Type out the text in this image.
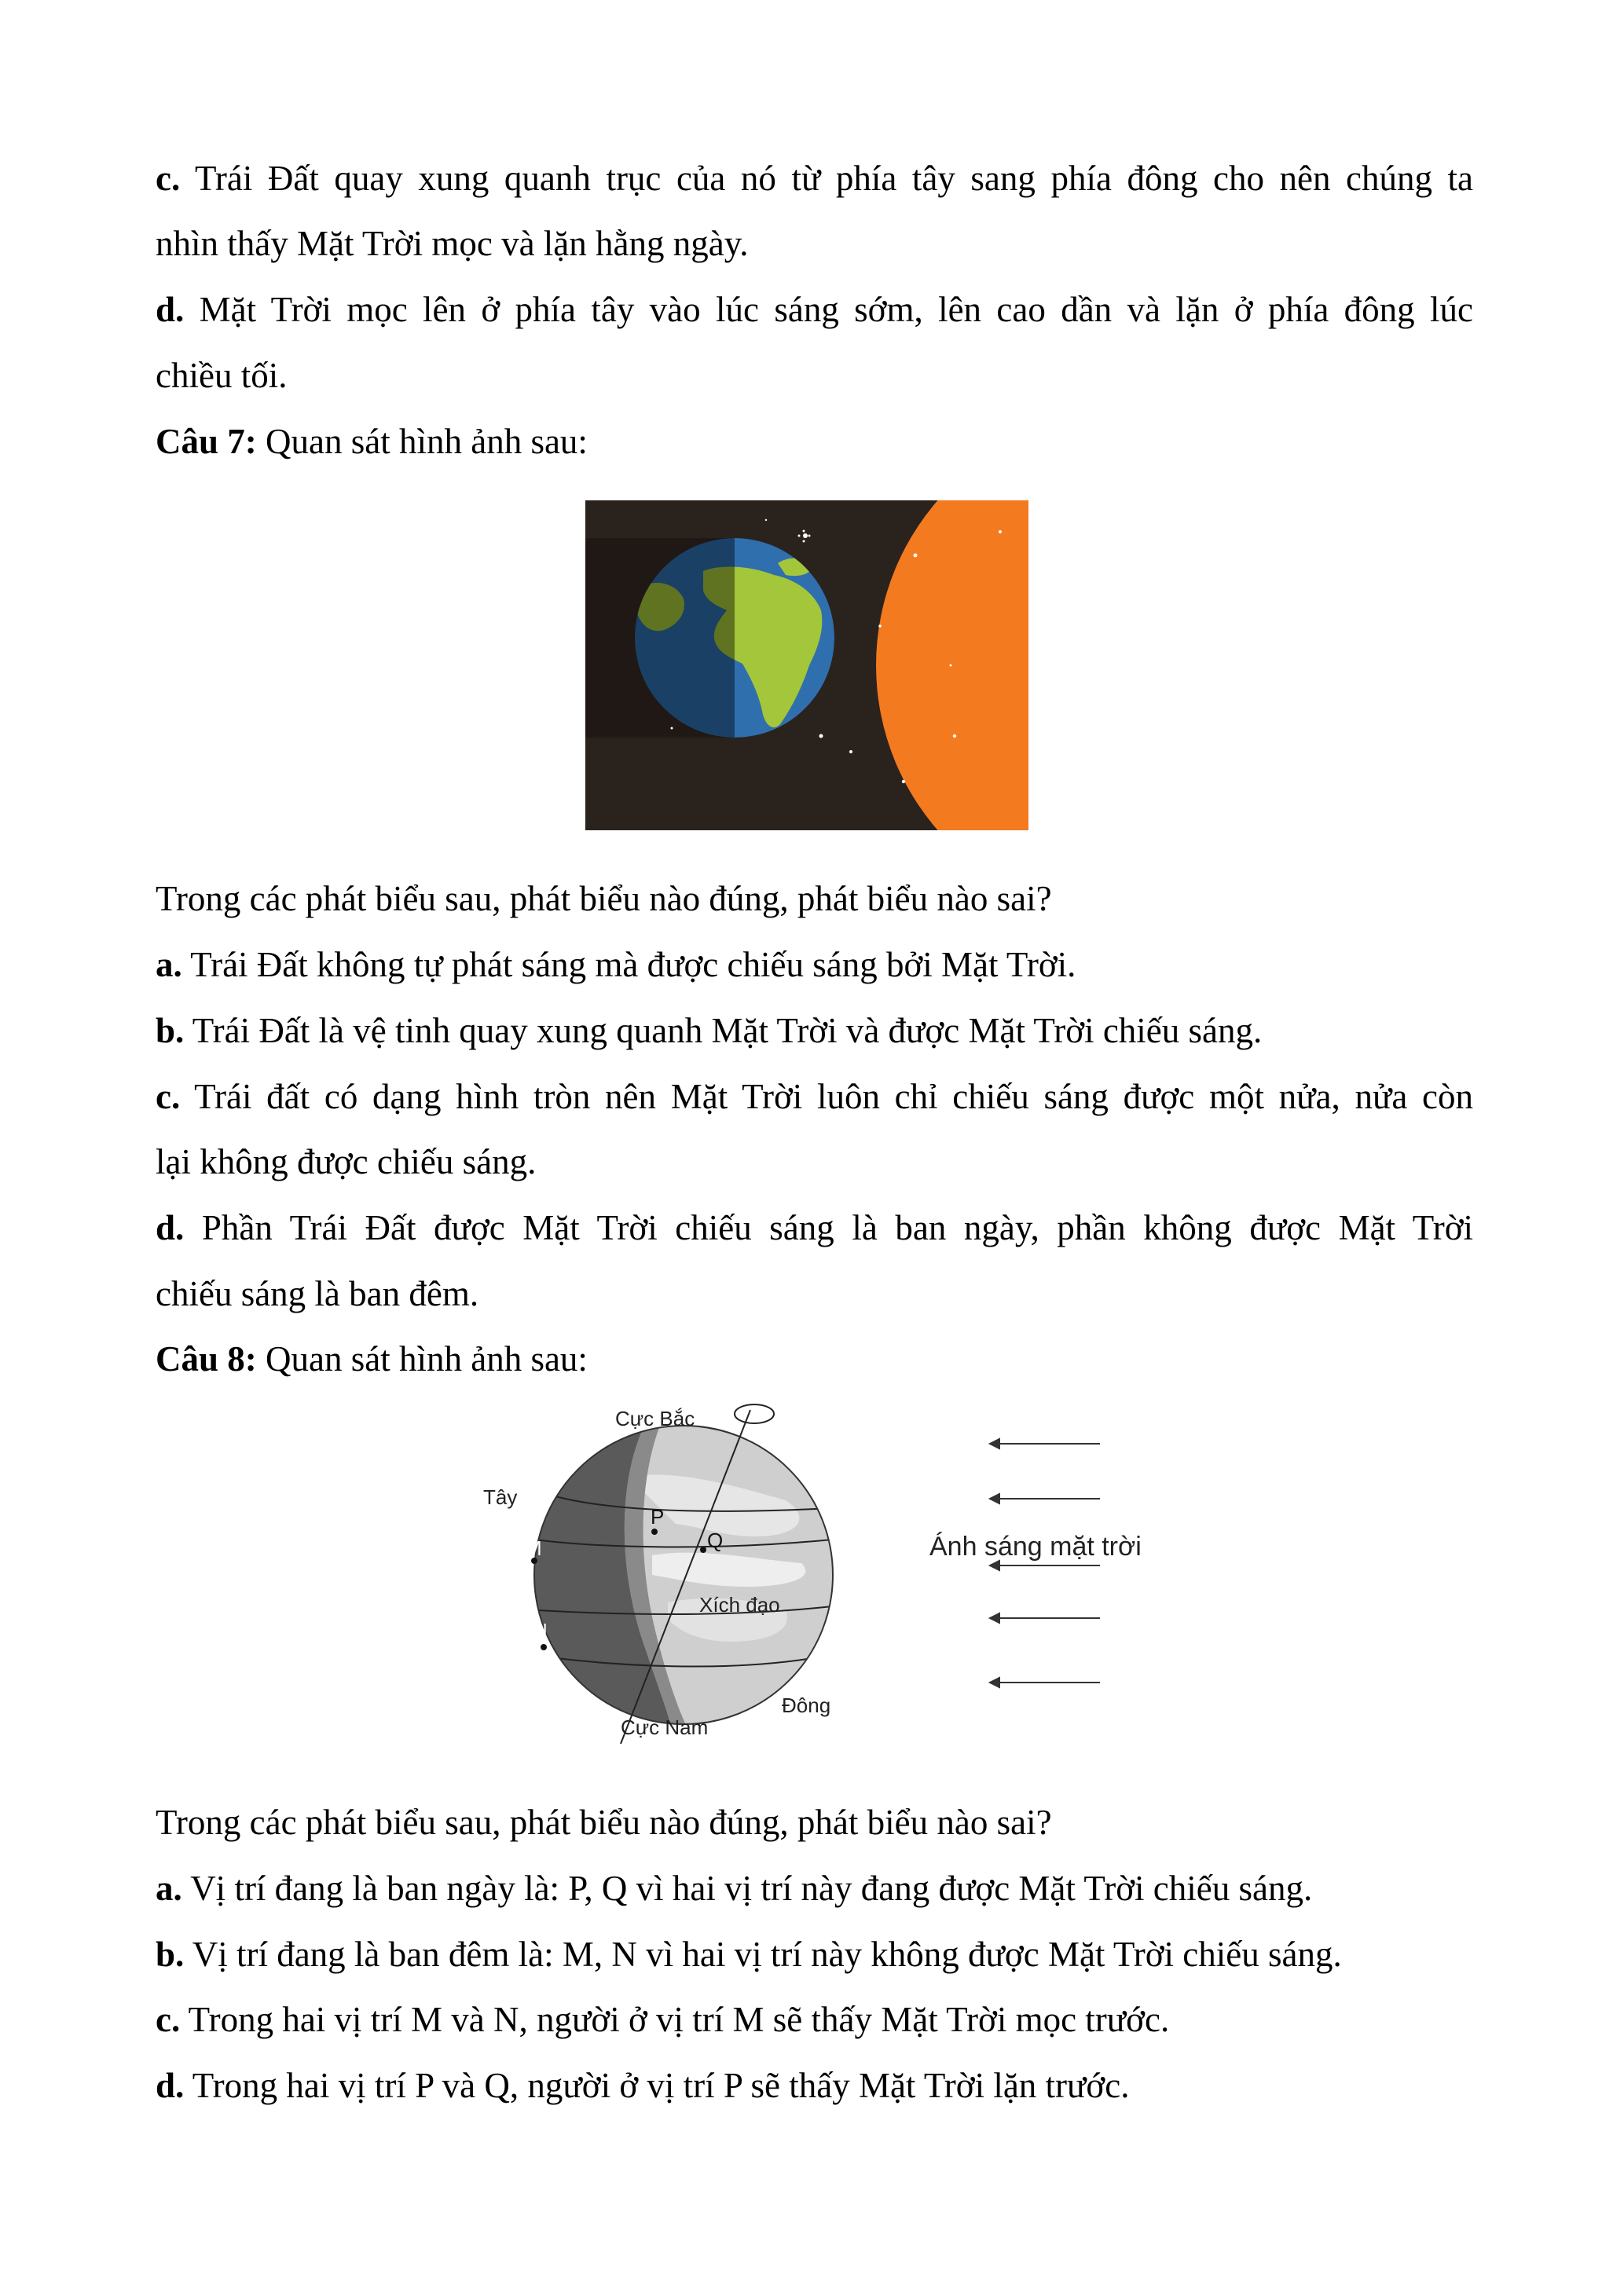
c. Trái Đất quay xung quanh trục của nó từ phía tây sang phía đông cho nên chúng ta
nhìn thấy Mặt Trời mọc và lặn hằng ngày.
d. Mặt Trời mọc lên ở phía tây vào lúc sáng sớm, lên cao dần và lặn ở phía đông lúc
chiều tối.
Câu 7: Quan sát hình ảnh sau:
Trong các phát biểu sau, phát biểu nào đúng, phát biểu nào sai?
a. Trái Đất không tự phát sáng mà được chiếu sáng bởi Mặt Trời.
b. Trái Đất là vệ tinh quay xung quanh Mặt Trời và được Mặt Trời chiếu sáng.
c. Trái đất có dạng hình tròn nên Mặt Trời luôn chỉ chiếu sáng được một nửa, nửa còn
lại không được chiếu sáng.
d. Phần Trái Đất được Mặt Trời chiếu sáng là ban ngày, phần không được Mặt Trời
chiếu sáng là ban đêm.
Câu 8: Quan sát hình ảnh sau:
Cực Bắc
Cực Nam
Tây
Đông
Xích đạo
P
Q
M
N
Ánh sáng mặt trời
Trong các phát biểu sau, phát biểu nào đúng, phát biểu nào sai?
a. Vị trí đang là ban ngày là: P, Q vì hai vị trí này đang được Mặt Trời chiếu sáng.
b. Vị trí đang là ban đêm là: M, N vì hai vị trí này không được Mặt Trời chiếu sáng.
c. Trong hai vị trí M và N, người ở vị trí M sẽ thấy Mặt Trời mọc trước.
d. Trong hai vị trí P và Q, người ở vị trí P sẽ thấy Mặt Trời lặn trước.
